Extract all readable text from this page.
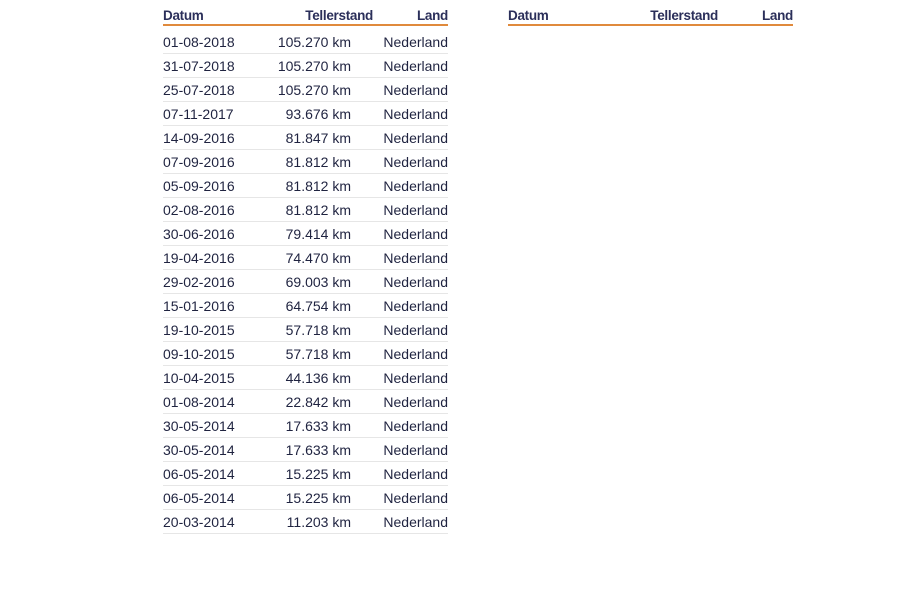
Datum	Tellerstand	Land
01-08-2018	105.270 km	Nederland
31-07-2018	105.270 km	Nederland
25-07-2018	105.270 km	Nederland
07-11-2017	93.676 km	Nederland
14-09-2016	81.847 km	Nederland
07-09-2016	81.812 km	Nederland
05-09-2016	81.812 km	Nederland
02-08-2016	81.812 km	Nederland
30-06-2016	79.414 km	Nederland
19-04-2016	74.470 km	Nederland
29-02-2016	69.003 km	Nederland
15-01-2016	64.754 km	Nederland
19-10-2015	57.718 km	Nederland
09-10-2015	57.718 km	Nederland
10-04-2015	44.136 km	Nederland
01-08-2014	22.842 km	Nederland
30-05-2014	17.633 km	Nederland
30-05-2014	17.633 km	Nederland
06-05-2014	15.225 km	Nederland
06-05-2014	15.225 km	Nederland
20-03-2014	11.203 km	Nederland
Datum	Tellerstand	Land
